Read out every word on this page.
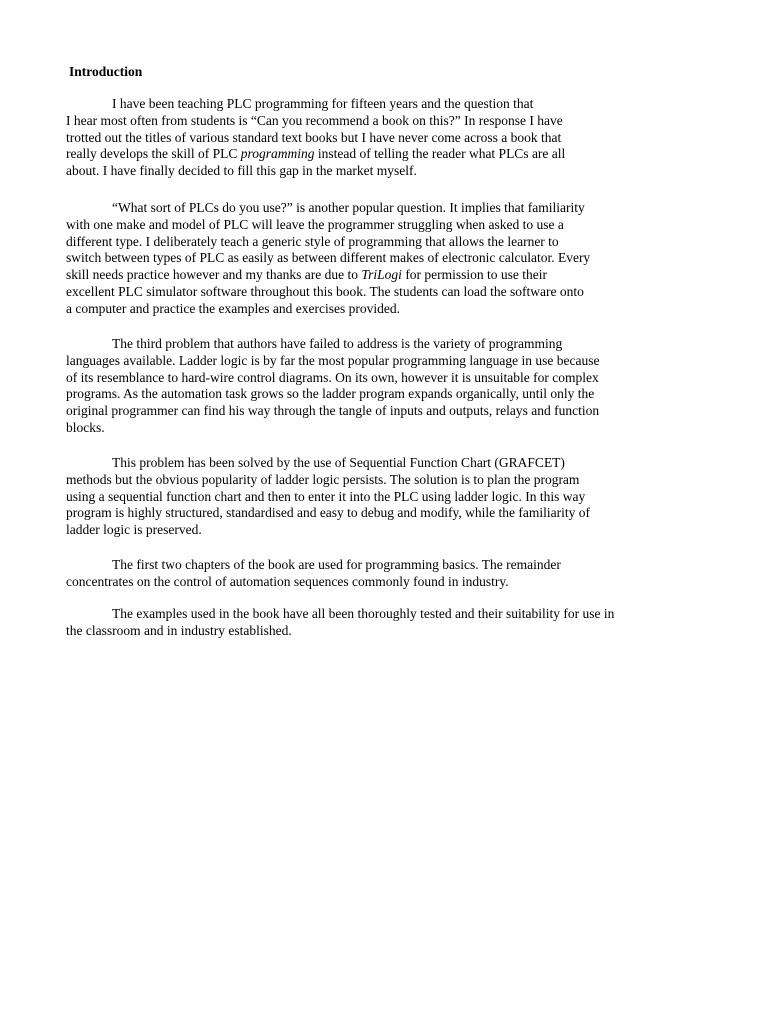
Introduction
I have been teaching PLC programming for fifteen years and the question that
I hear most often from students is “Can you recommend a book on this?” In response I have
trotted out the titles of various standard text books but I have never come across a book that
really develops the skill of PLC programming instead of telling the reader what PLCs are all
about. I have finally decided to fill this gap in the market myself.
“What sort of PLCs do you use?” is another popular question. It implies that familiarity
with one make and model of PLC will leave the programmer struggling when asked to use a
different type. I deliberately teach a generic style of programming that allows the learner to
switch between types of PLC as easily as between different makes of electronic calculator. Every
skill needs practice however and my thanks are due to TriLogi for permission to use their
excellent PLC simulator software throughout this book. The students can load the software onto
a computer and practice the examples and exercises provided.
The third problem that authors have failed to address is the variety of programming
languages available. Ladder logic is by far the most popular programming language in use because
of its resemblance to hard-wire control diagrams. On its own, however it is unsuitable for complex
programs. As the automation task grows so the ladder program expands organically, until only the
original programmer can find his way through the tangle of inputs and outputs, relays and function
blocks.
This problem has been solved by the use of Sequential Function Chart (GRAFCET)
methods but the obvious popularity of ladder logic persists. The solution is to plan the program
using a sequential function chart and then to enter it into the PLC using ladder logic. In this way
program is highly structured, standardised and easy to debug and modify, while the familiarity of
ladder logic is preserved.
The first two chapters of the book are used for programming basics. The remainder
concentrates on the control of automation sequences commonly found in industry.
The examples used in the book have all been thoroughly tested and their suitability for use in
the classroom and in industry established.
